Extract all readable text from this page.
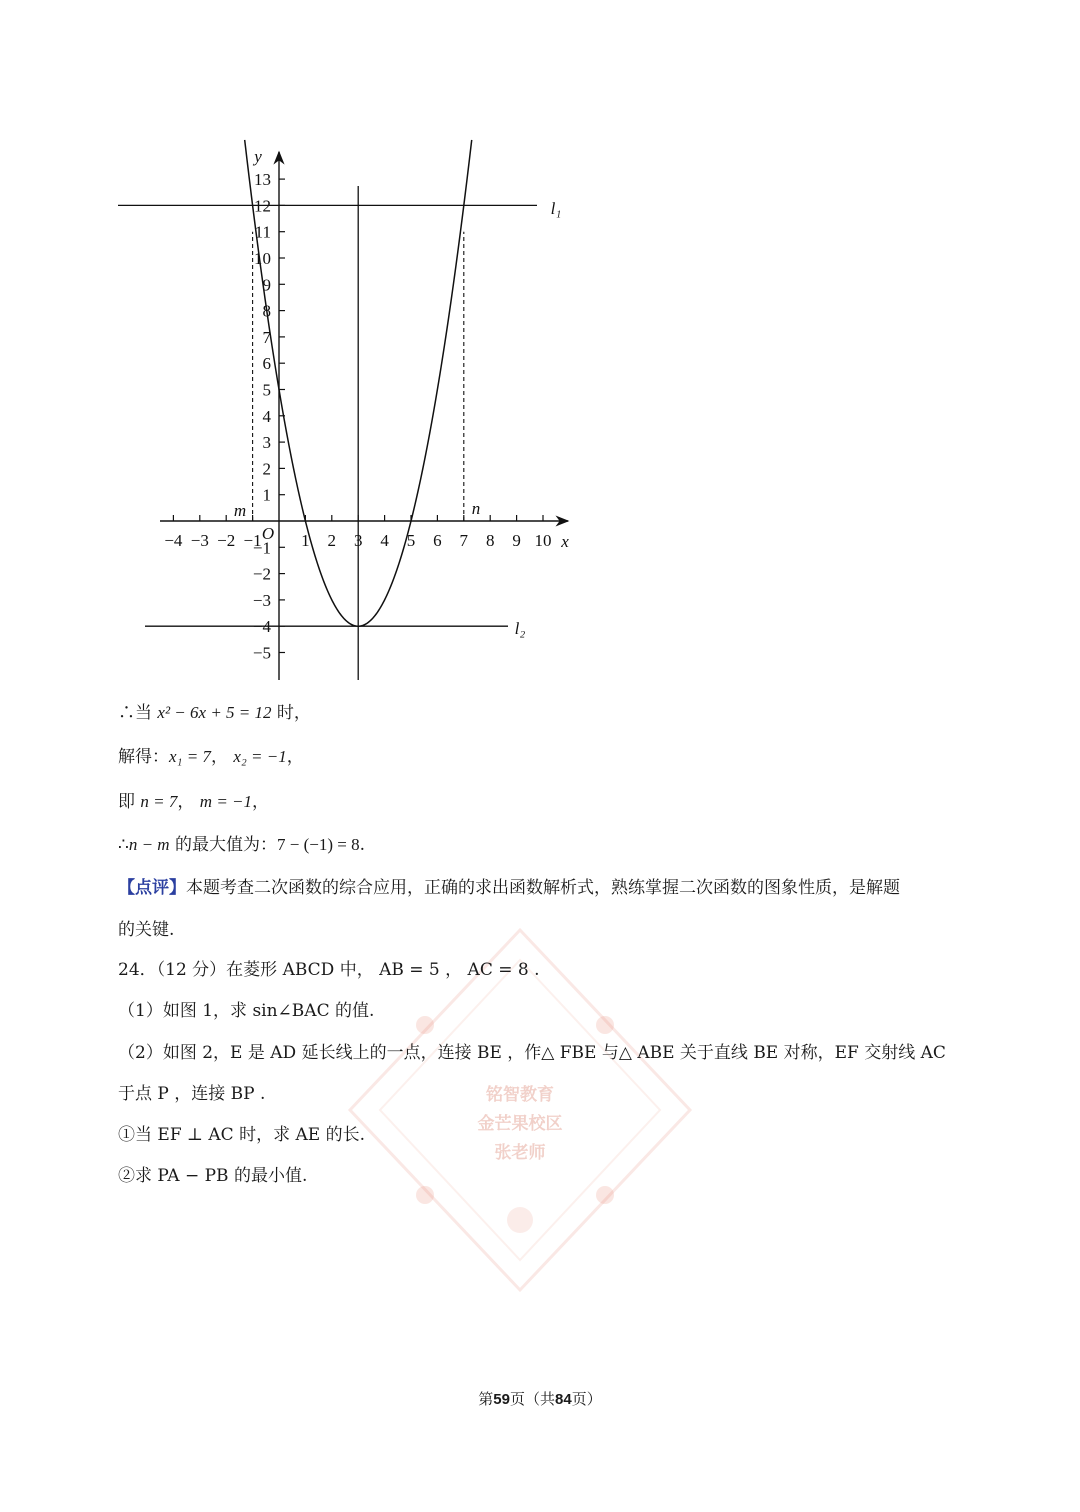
−4 −3 −2 −1 1 2 3 4 5 6 7 8 9 10
13
12
11
10
9
8
7
6
5
4
3
2
1
−1
−2
−3
−4
−5
x
y
O
l₁
l₂
m	n
铭智教育
金芒果校区
张老师
∴当 x² − 6x + 5 = 12 时，
解得：x₁ = 7， x₂ = −1，
即 n = 7， m = −1，
∴n − m 的最大值为：7 − (−1) = 8.
【点评】本题考查二次函数的综合应用，正确的求出函数解析式，熟练掌握二次函数的图象性质，是解题
的关键.
24．（12 分）在菱形 ABCD 中， AB = 5 ， AC = 8 .
（1）如图 1，求 sin∠BAC 的值.
（2）如图 2，E 是 AD 延长线上的一点，连接 BE ，作△ FBE 与△ ABE 关于直线 BE 对称，EF 交射线 AC
于点 P ，连接 BP .
①当 EF ⊥ AC 时，求 AE 的长.
②求 PA − PB 的最小值.
第59页（共84页）
